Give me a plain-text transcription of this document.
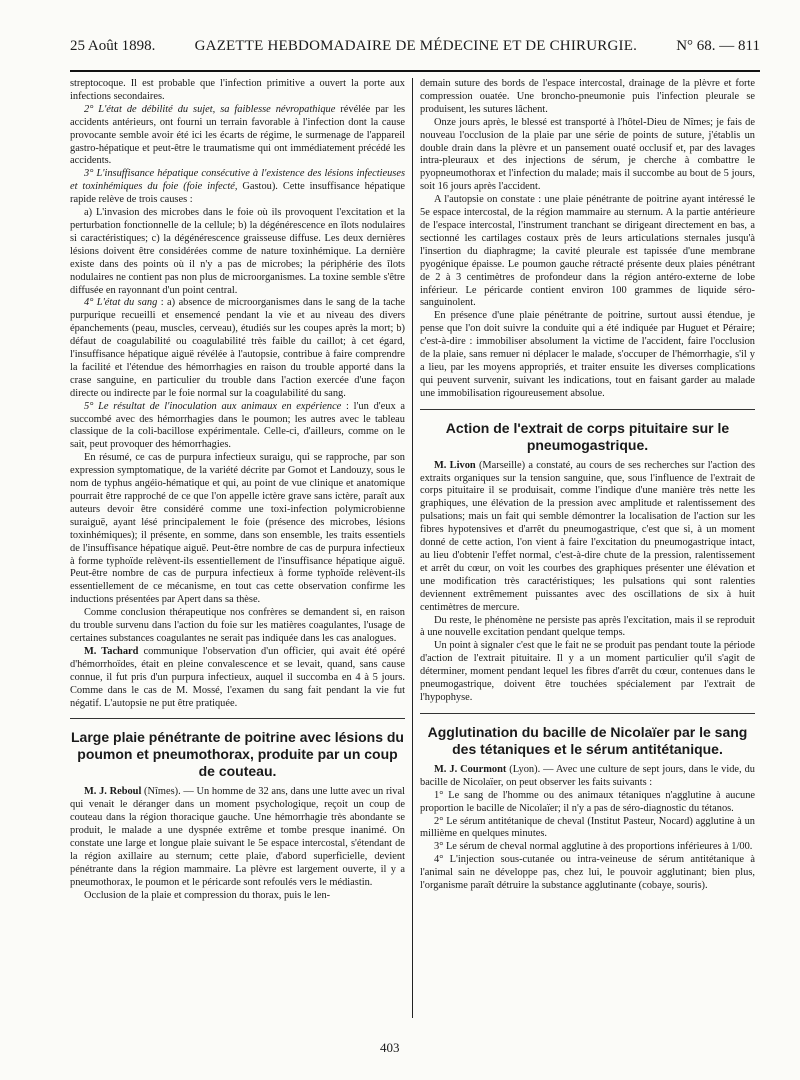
25 Août 1898.	GAZETTE HEBDOMADAIRE DE MÉDECINE ET DE CHIRURGIE.	N° 68. — 811

streptocoque. Il est probable que l'infection primitive a ouvert la porte aux infections secondaires.

2° L'état de débilité du sujet, sa faiblesse névropathique révélée par les accidents antérieurs, ont fourni un terrain favorable à l'infection dont la cause provocante semble avoir été ici les écarts de régime, le surmenage de l'appareil gastro-hépatique et peut-être le traumatisme qui ont immédiatement précédé les accidents.

3° L'insuffisance hépatique consécutive à l'existence des lésions infectieuses et toxinhémiques du foie (foie infecté, Gastou). Cette insuffisance hépatique rapide relève de trois causes :

a) L'invasion des microbes dans le foie où ils provoquent l'excitation et la perturbation fonctionnelle de la cellule; b) la dégénérescence en îlots nodulaires si caractéristiques; c) la dégénérescence graisseuse diffuse. Les deux dernières lésions doivent être considérées comme de nature toxinhémique. La dernière existe dans des points où il n'y a pas de microbes; la périphérie des îlots nodulaires ne contient pas non plus de microorganismes. La toxine semble s'être diffusée en rayonnant d'un point central.

4° L'état du sang : a) absence de microorganismes dans le sang de la tache purpurique recueilli et ensemencé pendant la vie et au niveau des divers épanchements (peau, muscles, cerveau), étudiés sur les coupes après la mort; b) défaut de coagulabilité ou coagulabilité très faible du caillot; à cet égard, l'insuffisance hépatique aiguë révélée à l'autopsie, contribue à faire comprendre la facilité et l'étendue des hémorrhagies en raison du trouble apporté dans la crase sanguine, en particulier du trouble dans l'action exercée d'une façon directe ou indirecte par le foie normal sur la coagulabilité du sang.

5° Le résultat de l'inoculation aux animaux en expérience : l'un d'eux a succombé avec des hémorrhagies dans le poumon; les autres avec le tableau classique de la coli-bacillose expérimentale. Celle-ci, d'ailleurs, comme on le sait, peut provoquer des hémorrhagies.

En résumé, ce cas de purpura infectieux suraigu, qui se rapproche, par son expression symptomatique, de la variété décrite par Gomot et Landouzy, sous le nom de typhus angéio-hématique et qui, au point de vue clinique et anatomique pourrait être rapproché de ce que l'on appelle ictère grave sans ictère, paraît aux auteurs devoir être considéré comme une toxi-infection polymicrobienne suraiguë, ayant lésé principalement le foie (présence des microbes, lésions toxinhémiques); il présente, en somme, dans son ensemble, les traits essentiels de l'insuffisance hépatique aiguë. Peut-être nombre de cas de purpura infectieux à forme typhoïde relèvent-ils essentiellement de l'insuffisance hépatique aiguë. Peut-être nombre de cas de purpura infectieux à forme typhoïde relèvent-ils essentiellement de ce mécanisme, en tout cas cette observation confirme les inductions présentées par Apert dans sa thèse.

Comme conclusion thérapeutique nos confrères se demandent si, en raison du trouble survenu dans l'action du foie sur les matières coagulantes, l'usage de certaines substances coagulantes ne serait pas indiquée dans les cas analogues.

M. Tachard communique l'observation d'un officier, qui avait été opéré d'hémorrhoïdes, était en pleine convalescence et se levait, quand, sans cause connue, il fut pris d'un purpura infectieux, auquel il succomba en 4 à 5 jours. Comme dans le cas de M. Mossé, l'examen du sang fait pendant la vie fut négatif. L'autopsie ne put être pratiquée.

Large plaie pénétrante de poitrine avec lésions du poumon et pneumothorax, produite par un coup de couteau.

M. J. Reboul (Nîmes). — Un homme de 32 ans, dans une lutte avec un rival qui venait le déranger dans un moment psychologique, reçoit un coup de couteau dans la région thoracique gauche. Une hémorrhagie très abondante se produit, le malade a une dyspnée extrême et tombe presque inanimé. On constate une large et longue plaie suivant le 5e espace intercostal, s'étendant de la région axillaire au sternum; cette plaie, d'abord superficielle, devient pénétrante dans la région mammaire. La plèvre est largement ouverte, il y a pneumothorax, le poumon et le péricarde sont refoulés vers le médiastin.

Occlusion de la plaie et compression du thorax, puis le len-

demain suture des bords de l'espace intercostal, drainage de la plèvre et forte compression ouatée. Une broncho-pneumonie puis l'infection pleurale se produisent, les sutures lâchent.

Onze jours après, le blessé est transporté à l'hôtel-Dieu de Nîmes; je fais de nouveau l'occlusion de la plaie par une série de points de suture, j'établis un double drain dans la plèvre et un pansement ouaté occlusif et, par des lavages intra-pleuraux et des injections de sérum, je cherche à combattre le pyopneumothorax et l'infection du malade; mais il succombe au bout de 5 jours, soit 16 jours après l'accident.

A l'autopsie on constate : une plaie pénétrante de poitrine ayant intéressé le 5e espace intercostal, de la région mammaire au sternum. A la partie antérieure de l'espace intercostal, l'instrument tranchant se dirigeant directement en bas, a sectionné les cartilages costaux près de leurs articulations sternales jusqu'à l'insertion du diaphragme; la cavité pleurale est tapissée d'une membrane pyogénique épaisse. Le poumon gauche rétracté présente deux plaies pénétrant de 2 à 3 centimètres de profondeur dans la région antéro-externe de lobe inférieur. Le péricarde contient environ 100 grammes de liquide séro-sanguinolent.

En présence d'une plaie pénétrante de poitrine, surtout aussi étendue, je pense que l'on doit suivre la conduite qui a été indiquée par Huguet et Péraire; c'est-à-dire : immobiliser absolument la victime de l'accident, faire l'occlusion de la plaie, sans remuer ni déplacer le malade, s'occuper de l'hémorrhagie, s'il y a lieu, par les moyens appropriés, et traiter ensuite les diverses complications qui peuvent survenir, suivant les indications, tout en faisant garder au malade une immobilisation rigoureusement absolue.

Action de l'extrait de corps pituitaire sur le pneumogastrique.

M. Livon (Marseille) a constaté, au cours de ses recherches sur l'action des extraits organiques sur la tension sanguine, que, sous l'influence de l'extrait de corps pituitaire il se produisait, comme l'indique d'une manière très nette les graphiques, une élévation de la pression avec amplitude et ralentissement des pulsations; mais un fait qui semble démontrer la localisation de l'action sur les fibres hypotensives et d'arrêt du pneumogastrique, c'est que si, à un moment donné de cette action, l'on vient à faire l'excitation du pneumogastrique intact, au lieu d'obtenir l'effet normal, c'est-à-dire chute de la pression, ralentissement et arrêt du cœur, on voit les courbes des graphiques présenter une élévation et une modification très caractéristiques; les pulsations qui sont ralenties deviennent extrêmement puissantes avec des oscillations de six à huit centimètres de mercure.

Du reste, le phénomène ne persiste pas après l'excitation, mais il se reproduit à une nouvelle excitation pendant quelque temps.

Un point à signaler c'est que le fait ne se produit pas pendant toute la période d'action de l'extrait pituitaire. Il y a un moment particulier qu'il s'agit de déterminer, moment pendant lequel les fibres d'arrêt du cœur, contenues dans le pneumogastrique, doivent être touchées spécialement par l'extrait de l'hypophyse.

Agglutination du bacille de Nicolaïer par le sang des tétaniques et le sérum antitétanique.

M. J. Courmont (Lyon). — Avec une culture de sept jours, dans le vide, du bacille de Nicolaïer, on peut observer les faits suivants :

1° Le sang de l'homme ou des animaux tétaniques n'agglutine à aucune proportion le bacille de Nicolaïer; il n'y a pas de séro-diagnostic du tétanos.

2° Le sérum antitétanique de cheval (Institut Pasteur, Nocard) agglutine à un millième en quelques minutes.

3° Le sérum de cheval normal agglutine à des proportions inférieures à 1/00.

4° L'injection sous-cutanée ou intra-veineuse de sérum antitétanique à l'animal sain ne développe pas, chez lui, le pouvoir agglutinant; bien plus, l'organisme paraît détruire la substance agglutinante (cobaye, souris).

403
